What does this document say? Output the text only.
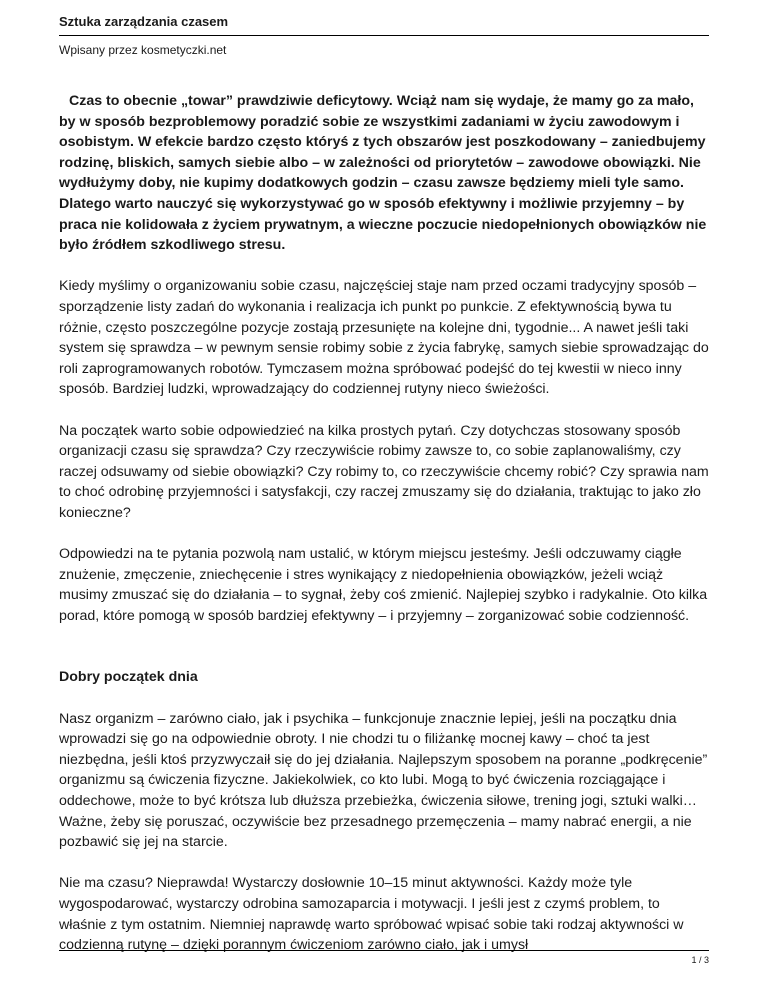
Sztuka zarządzania czasem
Wpisany przez kosmetyczki.net

Czas to obecnie „towar” prawdziwie deficytowy. Wciąż nam się wydaje, że mamy go za mało, by w sposób bezproblemowy poradzić sobie ze wszystkimi zadaniami w życiu zawodowym i osobistym. W efekcie bardzo często któryś z tych obszarów jest poszkodowany – zaniedbujemy rodzinę, bliskich, samych siebie albo – w zależności od priorytetów – zawodowe obowiązki. Nie wydłużymy doby, nie kupimy dodatkowych godzin – czasu zawsze będziemy mieli tyle samo. Dlatego warto nauczyć się wykorzystywać go w sposób efektywny i możliwie przyjemny – by praca nie kolidowała z życiem prywatnym, a wieczne poczucie niedopełnionych obowiązków nie było źródłem szkodliwego stresu.

Kiedy myślimy o organizowaniu sobie czasu, najczęściej staje nam przed oczami tradycyjny sposób – sporządzenie listy zadań do wykonania i realizacja ich punkt po punkcie. Z efektywnością bywa tu różnie, często poszczególne pozycje zostają przesunięte na kolejne dni, tygodnie... A nawet jeśli taki system się sprawdza – w pewnym sensie robimy sobie z życia fabrykę, samych siebie sprowadzając do roli zaprogramowanych robotów. Tymczasem można spróbować podejść do tej kwestii w nieco inny sposób. Bardziej ludzki, wprowadzający do codziennej rutyny nieco świeżości.

Na początek warto sobie odpowiedzieć na kilka prostych pytań. Czy dotychczas stosowany sposób organizacji czasu się sprawdza? Czy rzeczywiście robimy zawsze to, co sobie zaplanowaliśmy, czy raczej odsuwamy od siebie obowiązki? Czy robimy to, co rzeczywiście chcemy robić? Czy sprawia nam to choć odrobinę przyjemności i satysfakcji, czy raczej zmuszamy się do działania, traktując to jako zło konieczne?

Odpowiedzi na te pytania pozwolą nam ustalić, w którym miejscu jesteśmy. Jeśli odczuwamy ciągłe znużenie, zmęczenie, zniechęcenie i stres wynikający z niedopełnienia obowiązków, jeżeli wciąż musimy zmuszać się do działania – to sygnał, żeby coś zmienić. Najlepiej szybko i radykalnie. Oto kilka porad, które pomogą w sposób bardziej efektywny – i przyjemny – zorganizować sobie codzienność.

Dobry początek dnia

Nasz organizm – zarówno ciało, jak i psychika – funkcjonuje znacznie lepiej, jeśli na początku dnia wprowadzi się go na odpowiednie obroty. I nie chodzi tu o filiżankę mocnej kawy – choć ta jest niezbędna, jeśli ktoś przyzwyczaił się do jej działania. Najlepszym sposobem na poranne „podkręcenie” organizmu są ćwiczenia fizyczne. Jakiekolwiek, co kto lubi. Mogą to być ćwiczenia rozciągające i oddechowe, może to być krótsza lub dłuższa przebieżka, ćwiczenia siłowe, trening jogi, sztuki walki… Ważne, żeby się poruszać, oczywiście bez przesadnego przemęczenia – mamy nabrać energii, a nie pozbawić się jej na starcie.

Nie ma czasu? Nieprawda! Wystarczy dosłownie 10–15 minut aktywności. Każdy może tyle wygospodarować, wystarczy odrobina samozaparcia i motywacji. I jeśli jest z czymś problem, to właśnie z tym ostatnim. Niemniej naprawdę warto spróbować wpisać sobie taki rodzaj aktywności w codzienną rutynę – dzięki porannym ćwiczeniom zarówno ciało, jak i umysł

1 / 3
